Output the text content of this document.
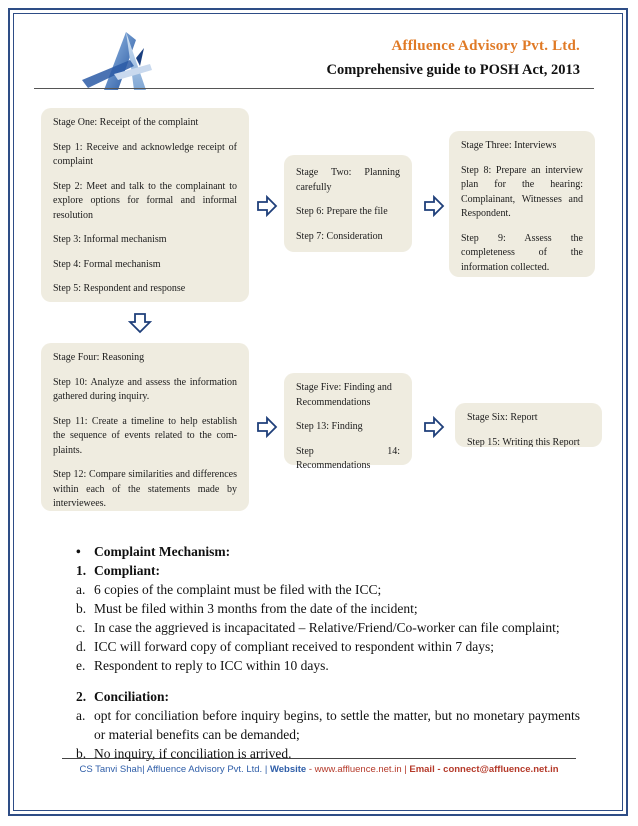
Affluence Advisory Pvt. Ltd.
Comprehensive guide to POSH Act, 2013

Stage One: Receipt of the complaint

Step 1: Receive and acknowledge receipt of complaint

Step 2: Meet and talk to the complainant to explore options for formal and informal resolution

Step 3: Informal mechanism

Step 4: Formal mechanism

Step 5: Respondent and response

Stage Two: Planning carefully

Step 6: Prepare the file

Step 7: Consideration

Stage Three: Interviews

Step 8: Prepare an interview plan for the hearing: Complainant, Witnesses and Respondent.

Step 9: Assess the completeness of the information collected.

Stage Four: Reasoning

Step 10: Analyze and assess the information gathered during inquiry.

Step 11: Create a timeline to help establish the sequence of events related to the com-plaints.

Step 12: Compare similarities and differences within each of the statements made by interviewees.

Stage Five: Finding and Recommendations

Step 13: Finding

Step 14: Recommendations

Stage Six: Report

Step 15: Writing this Report

• Complaint Mechanism:
1. Compliant:
a. 6 copies of the complaint must be filed with the ICC;
b. Must be filed within 3 months from the date of the incident;
c. In case the aggrieved is incapacitated – Relative/Friend/Co-worker can file complaint;
d. ICC will forward copy of compliant received to respondent within 7 days;
e. Respondent to reply to ICC within 10 days.
2. Conciliation:
a. opt for conciliation before inquiry begins, to settle the matter, but no monetary payments or material benefits can be demanded;
b. No inquiry, if conciliation is arrived.
CS Tanvi Shah| Affluence Advisory Pvt. Ltd. | Website - www.affluence.net.in | Email - connect@affluence.net.in
